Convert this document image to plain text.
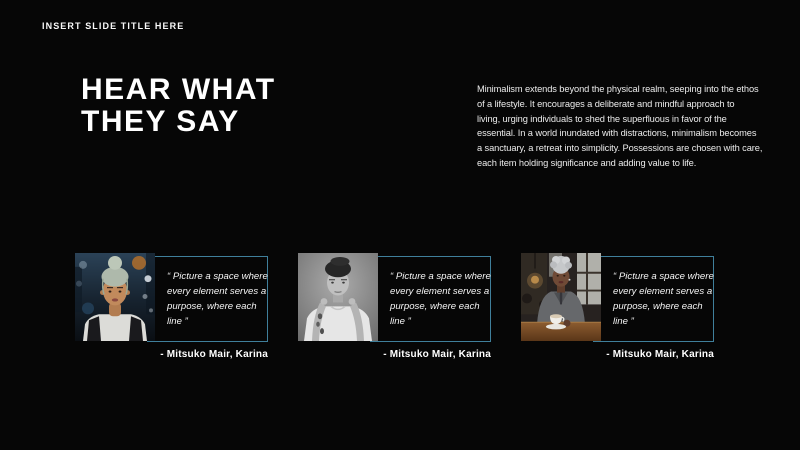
INSERT SLIDE TITLE HERE
HEAR WHAT
THEY SAY
Minimalism extends beyond the physical realm, seeping into the ethos
of a lifestyle. It encourages a deliberate and mindful approach to
living, urging individuals to shed the superfluous in favor of the
essential. In a world inundated with distractions, minimalism becomes
a sanctuary, a retreat into simplicity. Possessions are chosen with care,
each item holding significance and adding value to life.
“ Picture a space where
every element serves a
purpose, where each
line ”
- Mitsuko Mair, Karina
“ Picture a space where
every element serves a
purpose, where each
line ”
- Mitsuko Mair, Karina
“ Picture a space where
every element serves a
purpose, where each
line ”
- Mitsuko Mair, Karina
